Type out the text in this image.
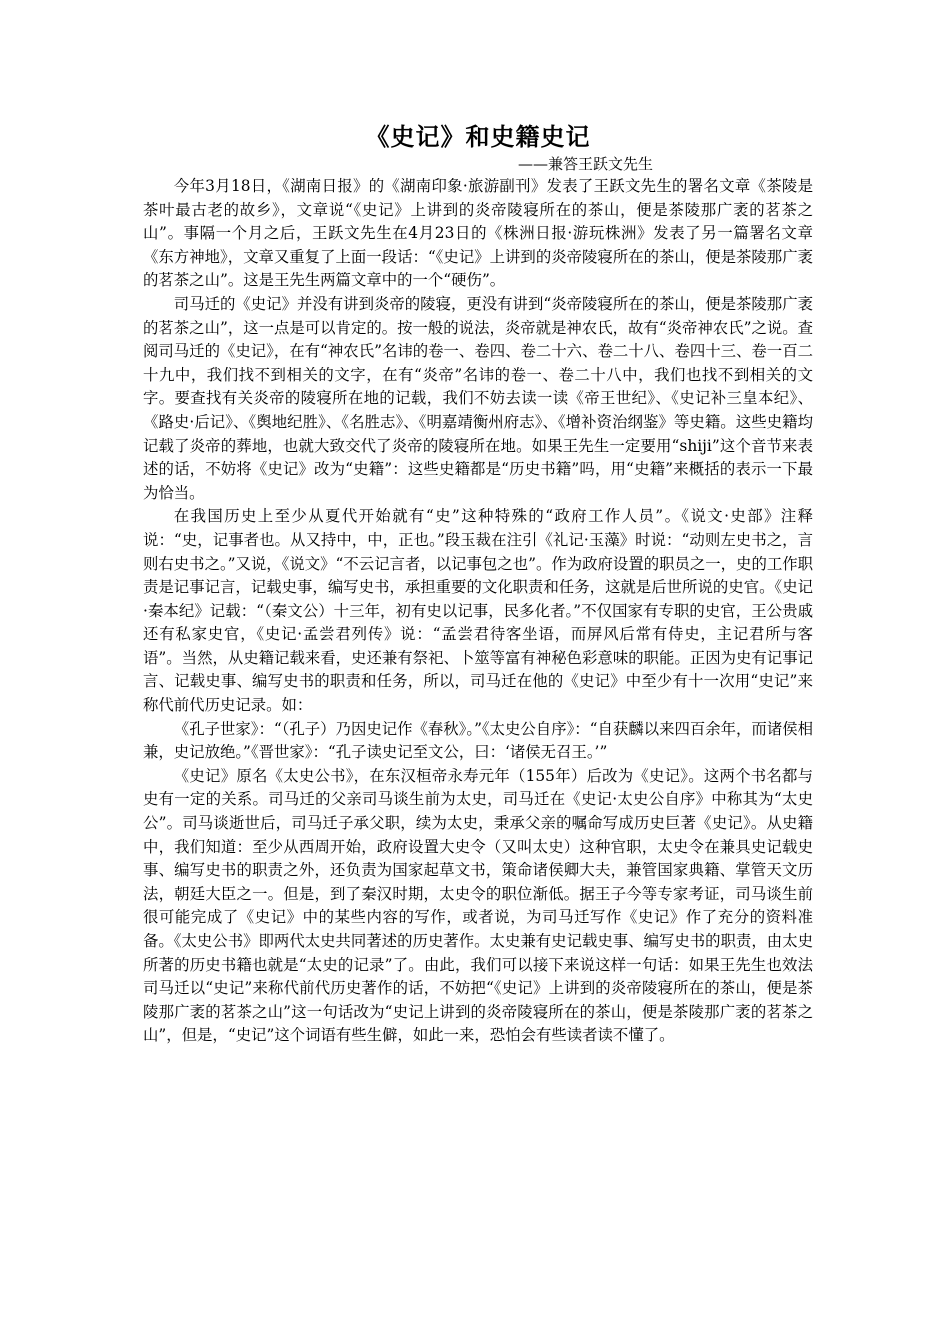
《史记》和史籍史记

——兼答王跃文先生

今年3月18日，《湖南日报》的《湖南印象·旅游副刊》发表了王跃文先生的署名文章《茶陵是茶叶最古老的故乡》，文章说“《史记》上讲到的炎帝陵寝所在的茶山，便是茶陵那广袤的茗茶之山”。事隔一个月之后，王跃文先生在4月23日的《株洲日报·游玩株洲》发表了另一篇署名文章《东方神地》，文章又重复了上面一段话：“《史记》上讲到的炎帝陵寝所在的茶山，便是茶陵那广袤的茗茶之山”。这是王先生两篇文章中的一个“硬伤”。

司马迁的《史记》并没有讲到炎帝的陵寝，更没有讲到“炎帝陵寝所在的茶山，便是茶陵那广袤的茗茶之山”，这一点是可以肯定的。按一般的说法，炎帝就是神农氏，故有“炎帝神农氏”之说。查阅司马迁的《史记》，在有“神农氏”名讳的卷一、卷四、卷二十六、卷二十八、卷四十三、卷一百二十九中，我们找不到相关的文字，在有“炎帝”名讳的卷一、卷二十八中，我们也找不到相关的文字。要查找有关炎帝的陵寝所在地的记载，我们不妨去读一读《帝王世纪》、《史记补三皇本纪》、《路史·后记》、《舆地纪胜》、《名胜志》、《明嘉靖衡州府志》、《增补资治纲鉴》等史籍。这些史籍均记载了炎帝的葬地，也就大致交代了炎帝的陵寝所在地。如果王先生一定要用“shiji”这个音节来表述的话，不妨将《史记》改为“史籍”：这些史籍都是“历史书籍”吗，用“史籍”来概括的表示一下最为恰当。

在我国历史上至少从夏代开始就有“史”这种特殊的“政府工作人员”。《说文·史部》注释说：“史，记事者也。从又持中，中，正也。”段玉裁在注引《礼记·玉藻》时说：“动则左史书之，言则右史书之。”又说，《说文》“不云记言者，以记事包之也”。作为政府设置的职员之一，史的工作职责是记事记言，记载史事，编写史书，承担重要的文化职责和任务，这就是后世所说的史官。《史记·秦本纪》记载：“（秦文公）十三年，初有史以记事，民多化者。”不仅国家有专职的史官，王公贵戚还有私家史官，《史记·孟尝君列传》说：“孟尝君待客坐语，而屏风后常有侍史，主记君所与客语”。当然，从史籍记载来看，史还兼有祭祀、卜筮等富有神秘色彩意味的职能。正因为史有记事记言、记载史事、编写史书的职责和任务，所以，司马迁在他的《史记》中至少有十一次用“史记”来称代前代历史记录。如：

《孔子世家》：“（孔子）乃因史记作《春秋》。”《太史公自序》：“自获麟以来四百余年，而诸侯相兼，史记放绝。”《晋世家》：“孔子读史记至文公，曰：‘诸侯无召王。’”

《史记》原名《太史公书》，在东汉桓帝永寿元年（155年）后改为《史记》。这两个书名都与史有一定的关系。司马迁的父亲司马谈生前为太史，司马迁在《史记·太史公自序》中称其为“太史公”。司马谈逝世后，司马迁子承父职，续为太史，秉承父亲的嘱命写成历史巨著《史记》。从史籍中，我们知道：至少从西周开始，政府设置大史令（又叫太史）这种官职，太史令在兼具史记载史事、编写史书的职责之外，还负责为国家起草文书，策命诸侯卿大夫，兼管国家典籍、掌管天文历法，朝廷大臣之一。但是，到了秦汉时期，太史令的职位渐低。据王子今等专家考证，司马谈生前很可能完成了《史记》中的某些内容的写作，或者说，为司马迁写作《史记》作了充分的资料准备。《太史公书》即两代太史共同著述的历史著作。太史兼有史记载史事、编写史书的职责，由太史所著的历史书籍也就是“太史的记录”了。由此，我们可以接下来说这样一句话：如果王先生也效法司马迁以“史记”来称代前代历史著作的话，不妨把“《史记》上讲到的炎帝陵寝所在的茶山，便是茶陵那广袤的茗茶之山”这一句话改为“史记上讲到的炎帝陵寝所在的茶山，便是茶陵那广袤的茗茶之山”，但是，“史记”这个词语有些生僻，如此一来，恐怕会有些读者读不懂了。
